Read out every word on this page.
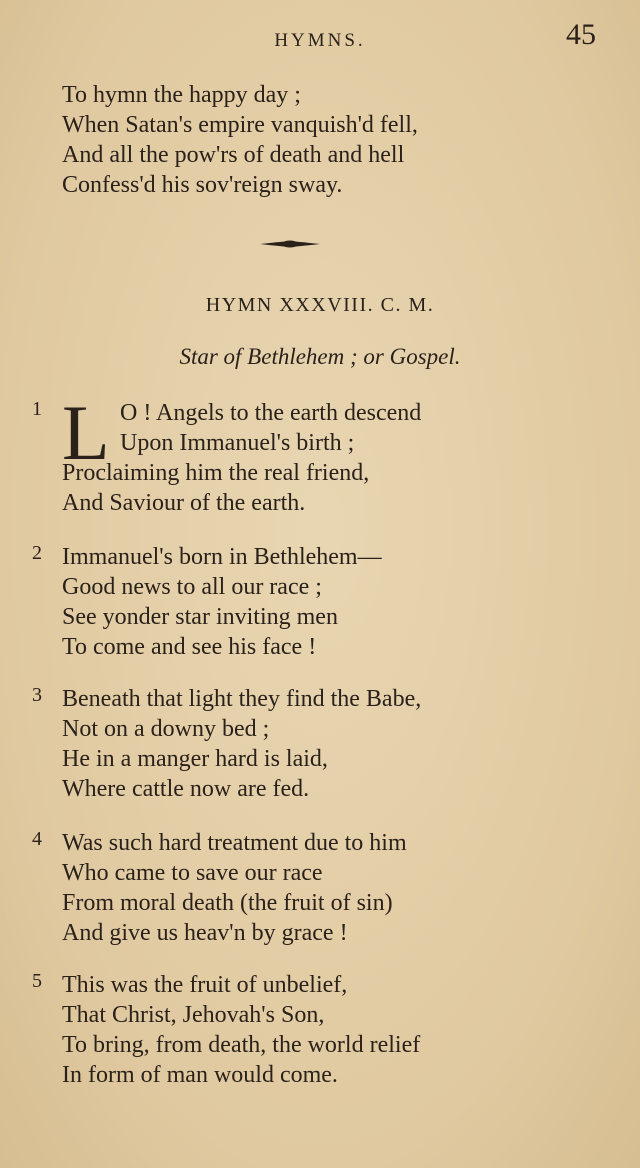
HYMNS.	45
To hymn the happy day ;
When Satan's empire vanquish'd fell,
And all the pow'rs of death and hell
Confess'd his sov'reign sway.
HYMN XXXVIII. C. M.
Star of Bethlehem ; or Gospel.
1 L O ! Angels to the earth descend
Upon Immanuel's birth ;
Proclaiming him the real friend,
And Saviour of the earth.
2 Immanuel's born in Bethlehem—
Good news to all our race ;
See yonder star inviting men
To come and see his face !
3 Beneath that light they find the Babe,
Not on a downy bed ;
He in a manger hard is laid,
Where cattle now are fed.
4 Was such hard treatment due to him
Who came to save our race
From moral death (the fruit of sin)
And give us heav'n by grace !
5 This was the fruit of unbelief,
That Christ, Jehovah's Son,
To bring, from death, the world relief
In form of man would come.
